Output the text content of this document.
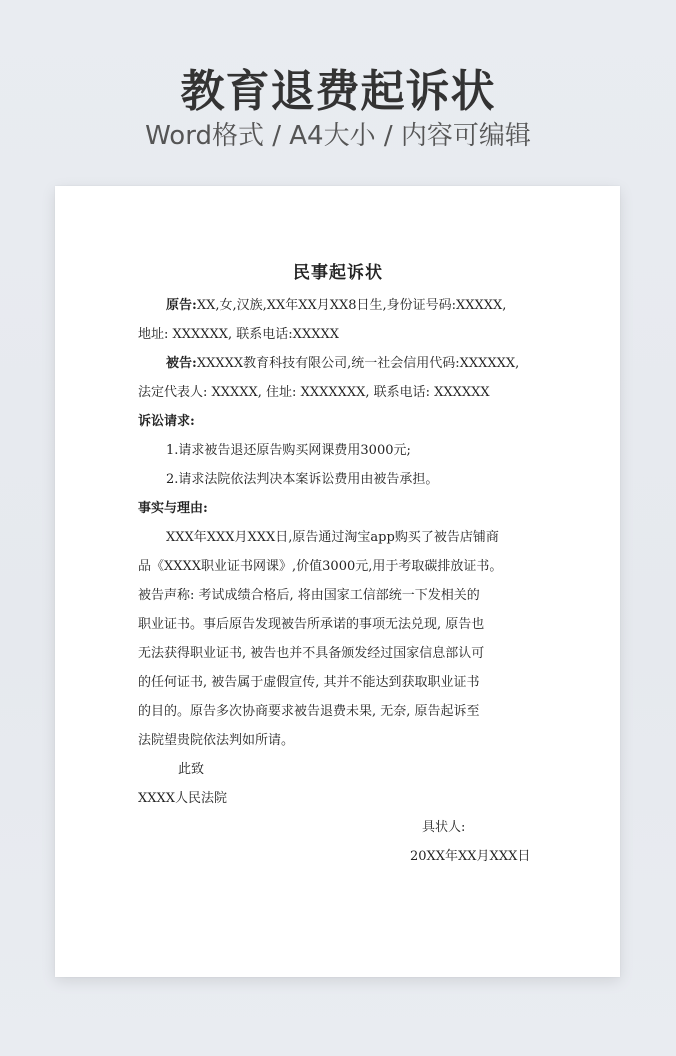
教育退费起诉状
Word格式 / A4大小 / 内容可编辑
民事起诉状
原告:XX,女,汉族,XX年XX月XX8日生,身份证号码:XXXXX,
地址: XXXXXX, 联系电话:XXXXX
被告:XXXXX教育科技有限公司,统一社会信用代码:XXXXXX,
法定代表人: XXXXX, 住址: XXXXXXX, 联系电话: XXXXXX
诉讼请求:
1.请求被告退还原告购买网课费用3000元;
2.请求法院依法判决本案诉讼费用由被告承担。
事实与理由:
XXX年XXX月XXX日,原告通过淘宝app购买了被告店铺商
品《XXXX职业证书网课》,价值3000元,用于考取碳排放证书。
被告声称: 考试成绩合格后, 将由国家工信部统一下发相关的
职业证书。事后原告发现被告所承诺的事项无法兑现, 原告也
无法获得职业证书, 被告也并不具备颁发经过国家信息部认可
的任何证书, 被告属于虚假宣传, 其并不能达到获取职业证书
的目的。原告多次协商要求被告退费未果, 无奈, 原告起诉至
法院望贵院依法判如所请。
此致
XXXX人民法院
具状人:
20XX年XX月XXX日
